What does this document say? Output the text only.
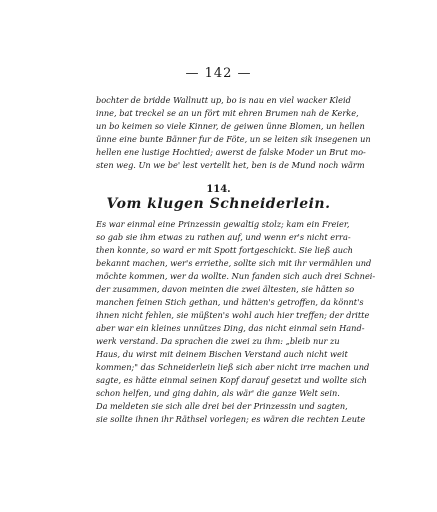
— 142 —
bochter de bridde Wallnutt up, bo is nau en viel wacker Kleid
inne, bat treckel se an un fört mit ehren Brumen nah de Kerke,
un bo keimen so viele Kinner, de geiwen ünne Blomen, un hellen
ünne eine bunte Bänner fur de Föte, un se leiten sik insegenen un
hellen ene lustige Hochtied; awerst de falske Moder un Brut mo-
sten weg. Un we be' lest vertellt het, ben is de Mund noch wärm
114.
Vom klugen Schneiderlein.
Es war einmal eine Prinzessin gewaltig stolz; kam ein Freier,
so gab sie ihm etwas zu rathen auf, und wenn er's nicht erra-
then konnte, so ward er mit Spott fortgeschickt. Sie ließ auch
bekannt machen, wer's erriethe, sollte sich mit ihr vermählen und
möchte kommen, wer da wollte. Nun fanden sich auch drei Schnei-
der zusammen, davon meinten die zwei ältesten, sie hätten so
manchen feinen Stich gethan, und hätten's getroffen, da könnt's
ihnen nicht fehlen, sie müßten's wohl auch hier treffen; der dritte
aber war ein kleines unnützes Ding, das nicht einmal sein Hand-
werk verstand. Da sprachen die zwei zu ihm: „bleib nur zu
Haus, du wirst mit deinem Bischen Verstand auch nicht weit
kommen;" das Schneiderlein ließ sich aber nicht irre machen und
sagte, es hätte einmal seinen Kopf darauf gesetzt und wollte sich
schon helfen, und ging dahin, als wär' die ganze Welt sein.
Da meldeten sie sich alle drei bei der Prinzessin und sagten,
sie sollte ihnen ihr Räthsel vorlegen; es wären die rechten Leute
